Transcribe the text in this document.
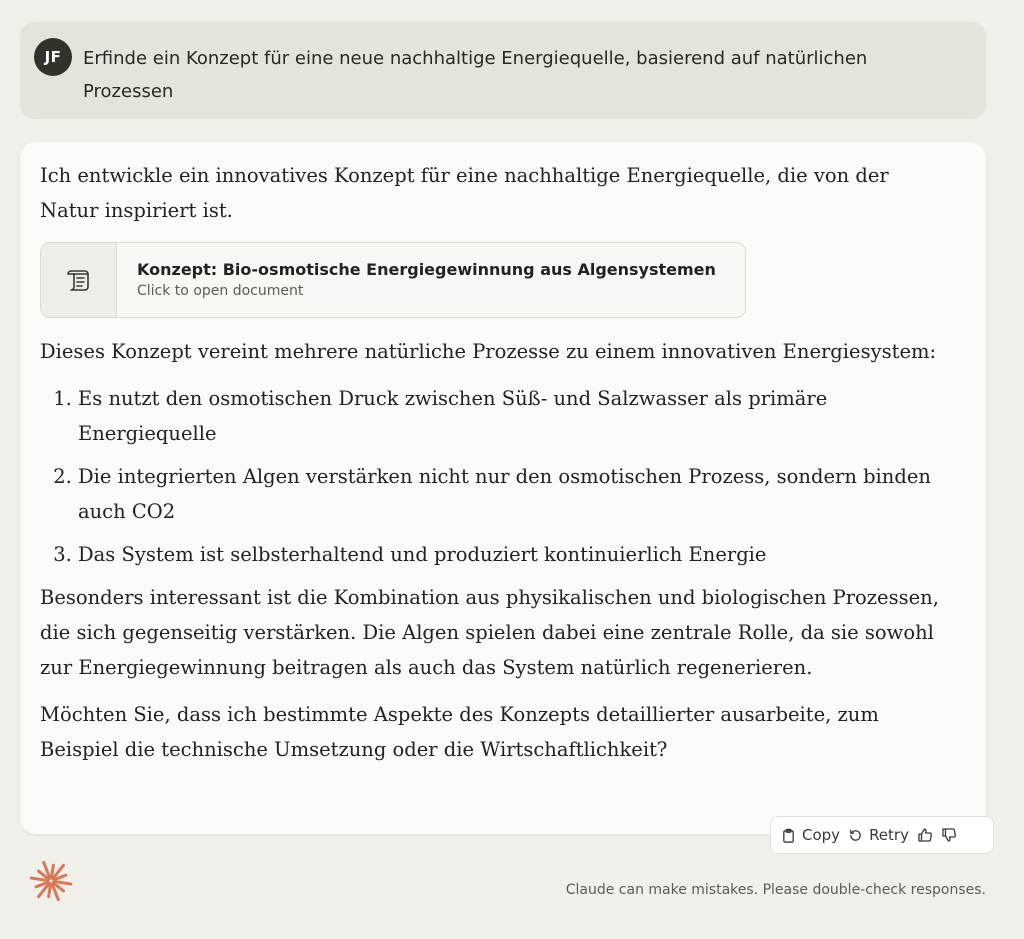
JF	Erfinde ein Konzept für eine neue nachhaltige Energiequelle, basierend auf natürlichen Prozessen

Ich entwickle ein innovatives Konzept für eine nachhaltige Energiequelle, die von der Natur inspiriert ist.

Konzept: Bio-osmotische Energiegewinnung aus Algensystemen
Click to open document

Dieses Konzept vereint mehrere natürliche Prozesse zu einem innovativen Energiesystem:

1. Es nutzt den osmotischen Druck zwischen Süß- und Salzwasser als primäre Energiequelle
2. Die integrierten Algen verstärken nicht nur den osmotischen Prozess, sondern binden auch CO2
3. Das System ist selbsterhaltend und produziert kontinuierlich Energie

Besonders interessant ist die Kombination aus physikalischen und biologischen Prozessen, die sich gegenseitig verstärken. Die Algen spielen dabei eine zentrale Rolle, da sie sowohl zur Energiegewinnung beitragen als auch das System natürlich regenerieren.

Möchten Sie, dass ich bestimmte Aspekte des Konzepts detaillierter ausarbeite, zum Beispiel die technische Umsetzung oder die Wirtschaftlichkeit?

Copy Retry
Claude can make mistakes. Please double-check responses.
